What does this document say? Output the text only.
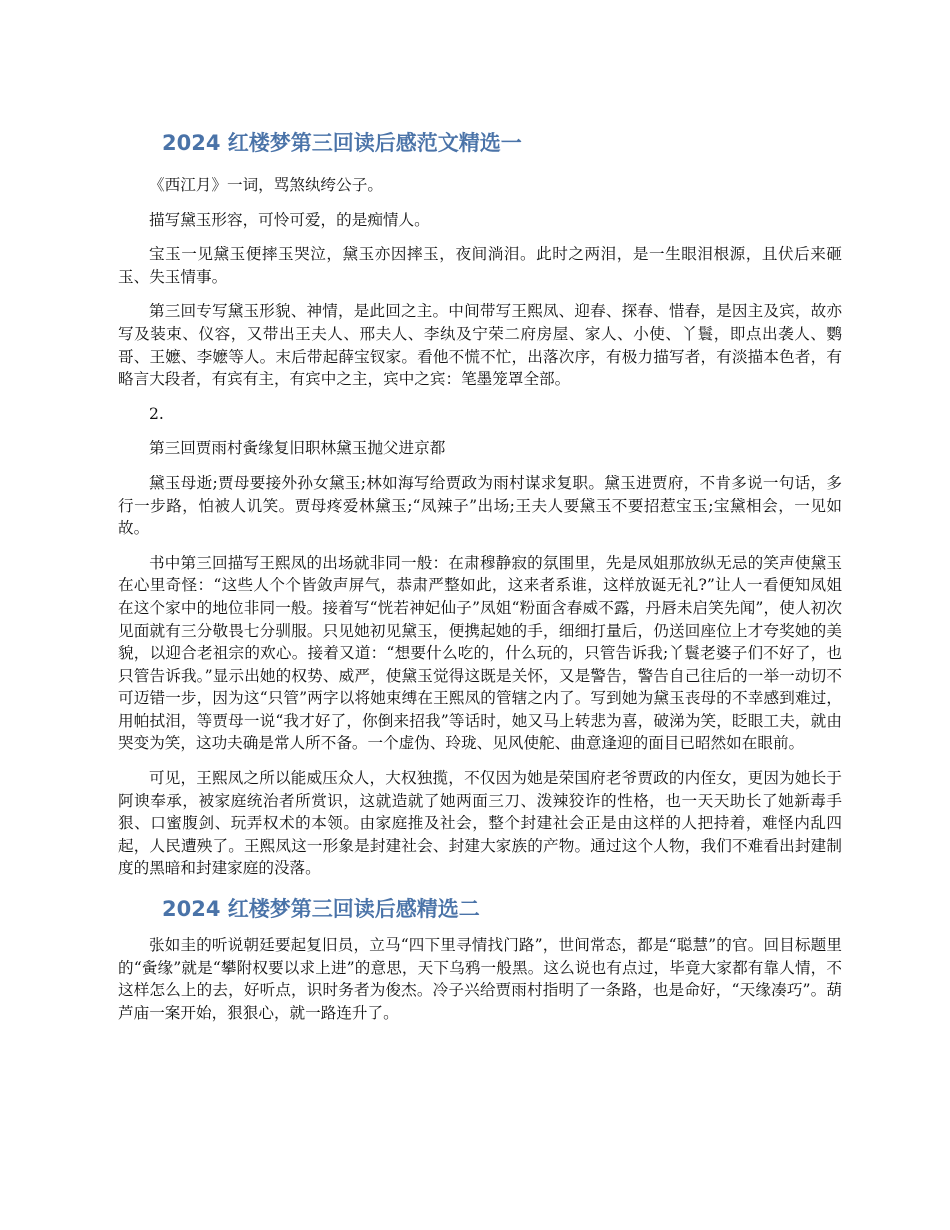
2024 红楼梦第三回读后感范文精选一

《西江月》一词，骂煞纨绔公子。

描写黛玉形容，可怜可爱，的是痴情人。

宝玉一见黛玉便摔玉哭泣，黛玉亦因摔玉，夜间淌泪。此时之两泪，是一生眼泪根源，且伏后来砸玉、失玉情事。

第三回专写黛玉形貌、神情，是此回之主。中间带写王熙凤、迎春、探春、惜春，是因主及宾，故亦写及装束、仪容，又带出王夫人、邢夫人、李纨及宁荣二府房屋、家人、小使、丫鬟，即点出袭人、鹦哥、王嬷、李嬷等人。末后带起薛宝钗家。看他不慌不忙，出落次序，有极力描写者，有淡描本色者，有略言大段者，有宾有主，有宾中之主，宾中之宾：笔墨笼罩全部。

2.

第三回贾雨村夤缘复旧职林黛玉抛父进京都

黛玉母逝;贾母要接外孙女黛玉;林如海写给贾政为雨村谋求复职。黛玉进贾府，不肯多说一句话，多行一步路，怕被人讥笑。贾母疼爱林黛玉;“凤辣子”出场;王夫人要黛玉不要招惹宝玉;宝黛相会，一见如故。

书中第三回描写王熙凤的出场就非同一般：在肃穆静寂的氛围里，先是凤姐那放纵无忌的笑声使黛玉在心里奇怪：“这些人个个皆敛声屏气，恭肃严整如此，这来者系谁，这样放诞无礼?”让人一看便知凤姐在这个家中的地位非同一般。接着写“恍若神妃仙子”凤姐“粉面含春威不露，丹唇未启笑先闻”，使人初次见面就有三分敬畏七分驯服。只见她初见黛玉，便携起她的手，细细打量后，仍送回座位上才夸奖她的美貌，以迎合老祖宗的欢心。接着又道：“想要什么吃的，什么玩的，只管告诉我;丫鬟老婆子们不好了，也只管告诉我。”显示出她的权势、威严，使黛玉觉得这既是关怀，又是警告，警告自己往后的一举一动切不可迈错一步，因为这“只管”两字以将她束缚在王熙凤的管辖之内了。写到她为黛玉丧母的不幸感到难过，用帕拭泪，等贾母一说“我才好了，你倒来招我”等话时，她又马上转悲为喜，破涕为笑，眨眼工夫，就由哭变为笑，这功夫确是常人所不备。一个虚伪、玲珑、见风使舵、曲意逢迎的面目已昭然如在眼前。

可见，王熙凤之所以能威压众人，大权独揽，不仅因为她是荣国府老爷贾政的内侄女，更因为她长于阿谀奉承，被家庭统治者所赏识，这就造就了她两面三刀、泼辣狡诈的性格，也一天天助长了她新毒手狠、口蜜腹剑、玩弄权术的本领。由家庭推及社会，整个封建社会正是由这样的人把持着，难怪内乱四起，人民遭殃了。王熙凤这一形象是封建社会、封建大家族的产物。通过这个人物，我们不难看出封建制度的黑暗和封建家庭的没落。

2024 红楼梦第三回读后感精选二

张如圭的听说朝廷要起复旧员，立马“四下里寻情找门路”，世间常态，都是“聪慧”的官。回目标题里的“夤缘”就是“攀附权要以求上进”的意思，天下乌鸦一般黑。这么说也有点过，毕竟大家都有靠人情，不这样怎么上的去，好听点，识时务者为俊杰。冷子兴给贾雨村指明了一条路，也是命好，“天缘凑巧”。葫芦庙一案开始，狠狠心，就一路连升了。
